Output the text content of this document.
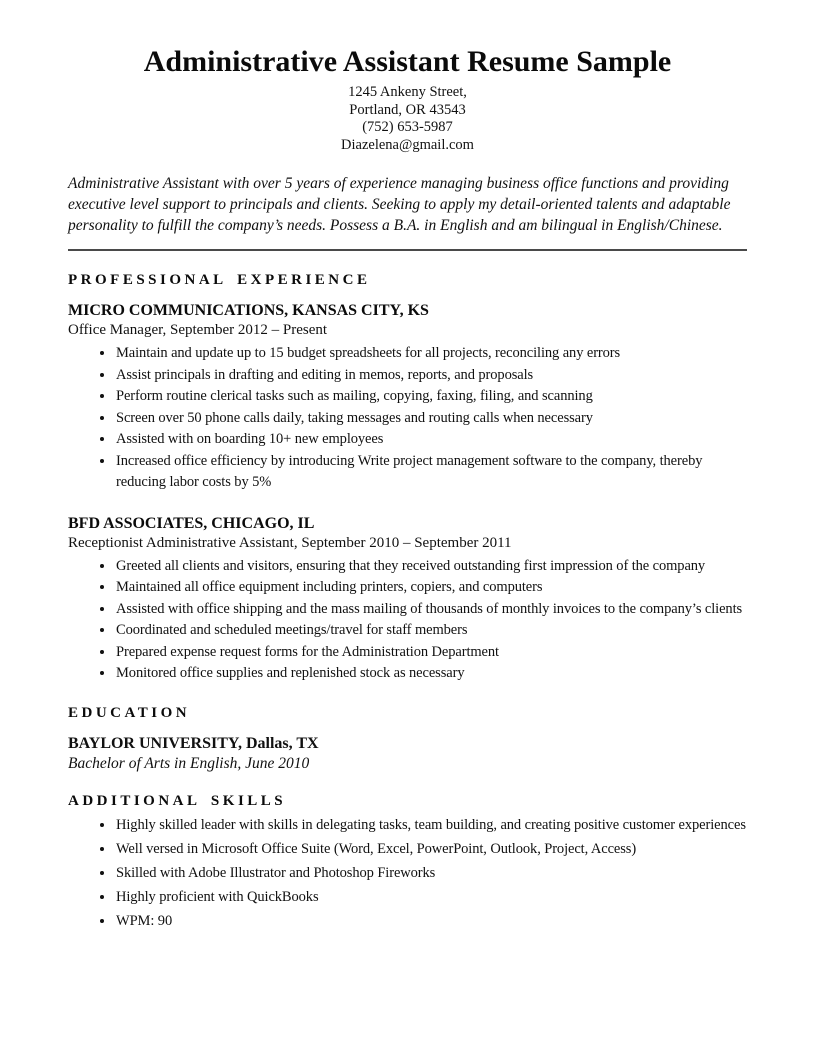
Administrative Assistant Resume Sample
1245 Ankeny Street,
Portland, OR 43543
(752) 653-5987
Diazelena@gmail.com

Administrative Assistant with over 5 years of experience managing business office functions and providing executive level support to principals and clients. Seeking to apply my detail-oriented talents and adaptable personality to fulfill the company’s needs. Possess a B.A. in English and am bilingual in English/Chinese.

PROFESSIONAL EXPERIENCE
MICRO COMMUNICATIONS, KANSAS CITY, KS
Office Manager, September 2012 – Present
• Maintain and update up to 15 budget spreadsheets for all projects, reconciling any errors
• Assist principals in drafting and editing in memos, reports, and proposals
• Perform routine clerical tasks such as mailing, copying, faxing, filing, and scanning
• Screen over 50 phone calls daily, taking messages and routing calls when necessary
• Assisted with on boarding 10+ new employees
• Increased office efficiency by introducing Write project management software to the company, thereby reducing labor costs by 5%
BFD ASSOCIATES, CHICAGO, IL
Receptionist Administrative Assistant, September 2010 – September 2011
• Greeted all clients and visitors, ensuring that they received outstanding first impression of the company
• Maintained all office equipment including printers, copiers, and computers
• Assisted with office shipping and the mass mailing of thousands of monthly invoices to the company’s clients
• Coordinated and scheduled meetings/travel for staff members
• Prepared expense request forms for the Administration Department
• Monitored office supplies and replenished stock as necessary
EDUCATION
BAYLOR UNIVERSITY, Dallas, TX
Bachelor of Arts in English, June 2010
ADDITIONAL SKILLS
• Highly skilled leader with skills in delegating tasks, team building, and creating positive customer experiences
• Well versed in Microsoft Office Suite (Word, Excel, PowerPoint, Outlook, Project, Access)
• Skilled with Adobe Illustrator and Photoshop Fireworks
• Highly proficient with QuickBooks
• WPM: 90
